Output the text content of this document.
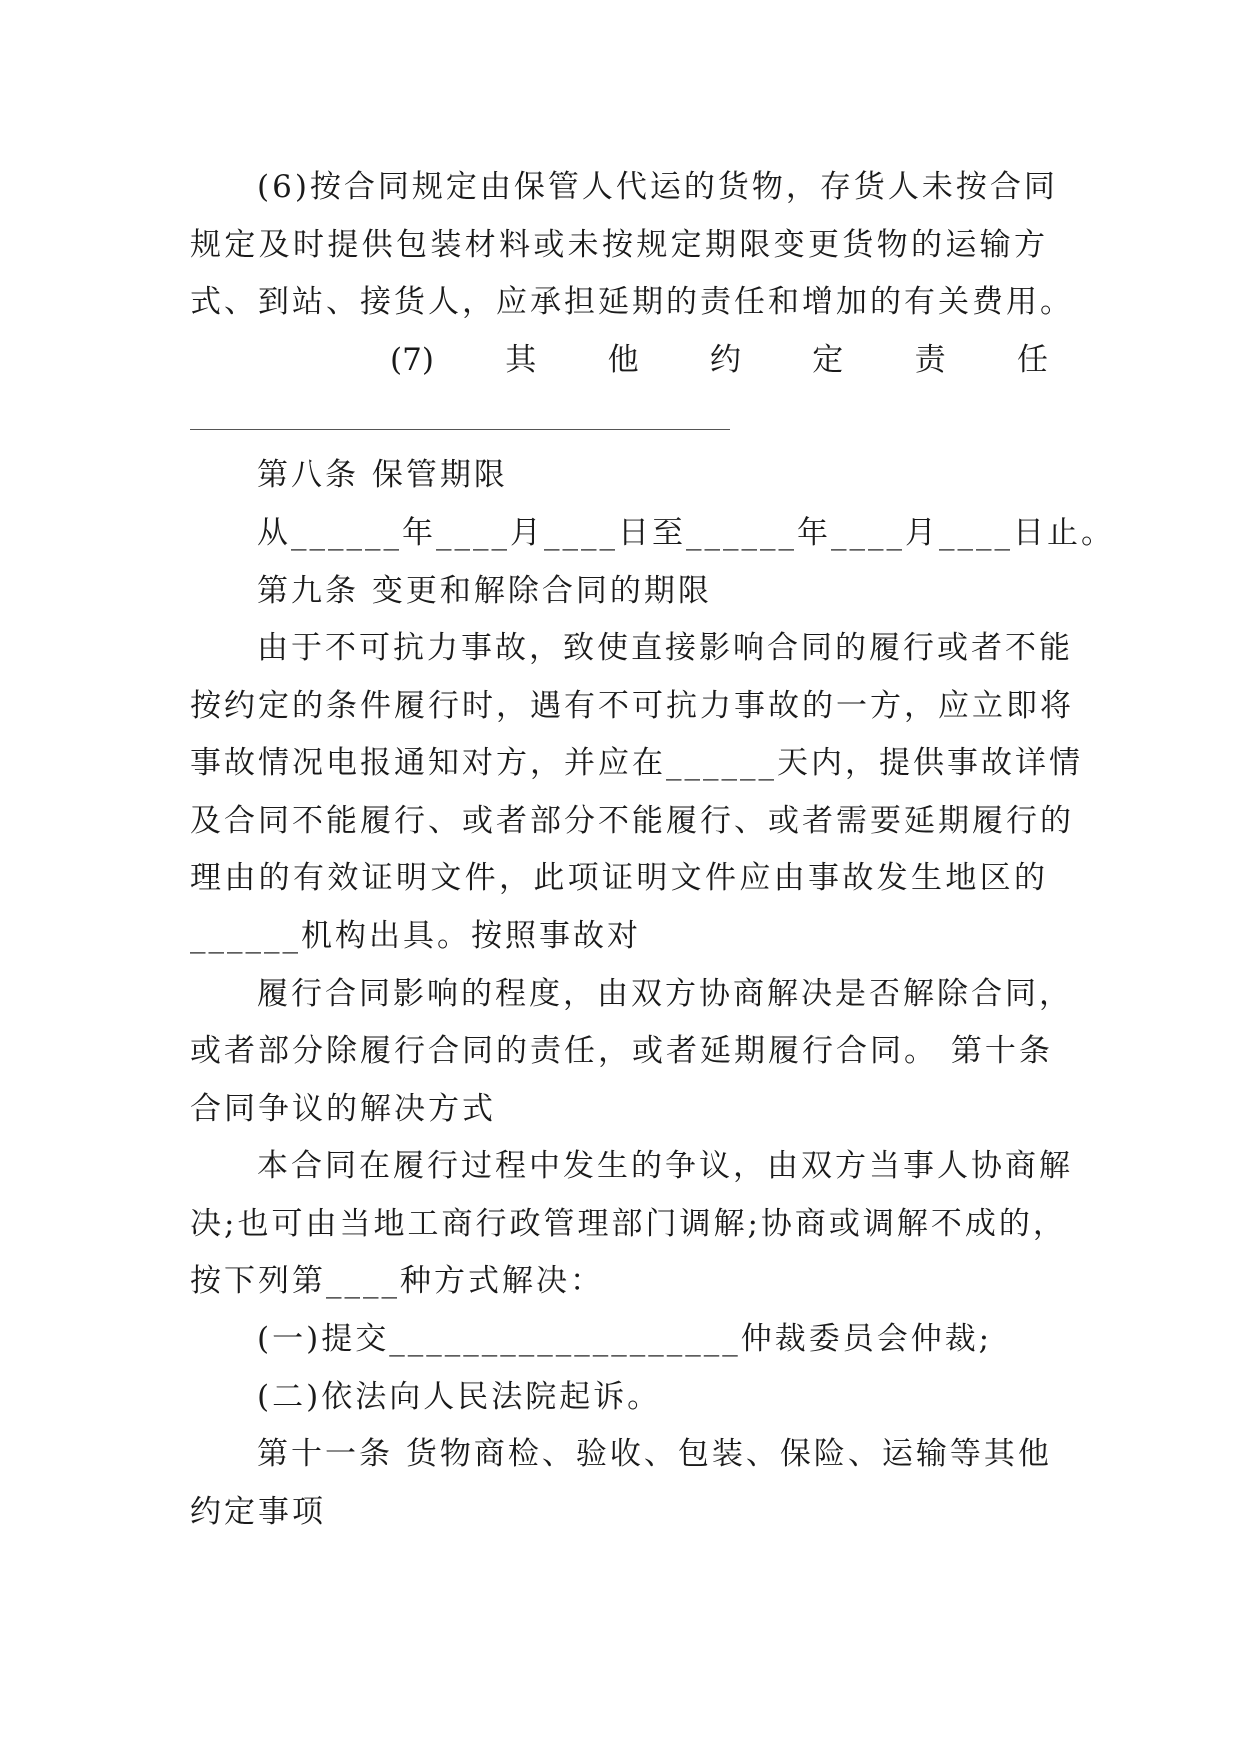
(6)按合同规定由保管人代运的货物，存货人未按合同
规定及时提供包装材料或未按规定期限变更货物的运输方
式、到站、接货人，应承担延期的责任和增加的有关费用。
(7) 其 他 约 定 责 任
第八条 保管期限
从______年____月____日至______年____月____日止。
第九条 变更和解除合同的期限
由于不可抗力事故，致使直接影响合同的履行或者不能
按约定的条件履行时，遇有不可抗力事故的一方，应立即将
事故情况电报通知对方，并应在______天内，提供事故详情
及合同不能履行、或者部分不能履行、或者需要延期履行的
理由的有效证明文件，此项证明文件应由事故发生地区的
______机构出具。按照事故对
履行合同影响的程度，由双方协商解决是否解除合同，
或者部分除履行合同的责任，或者延期履行合同。 第十条
合同争议的解决方式
本合同在履行过程中发生的争议，由双方当事人协商解
决;也可由当地工商行政管理部门调解;协商或调解不成的，
按下列第____种方式解决：
(一)提交___________________仲裁委员会仲裁;
(二)依法向人民法院起诉。
第十一条 货物商检、验收、包装、保险、运输等其他
约定事项
